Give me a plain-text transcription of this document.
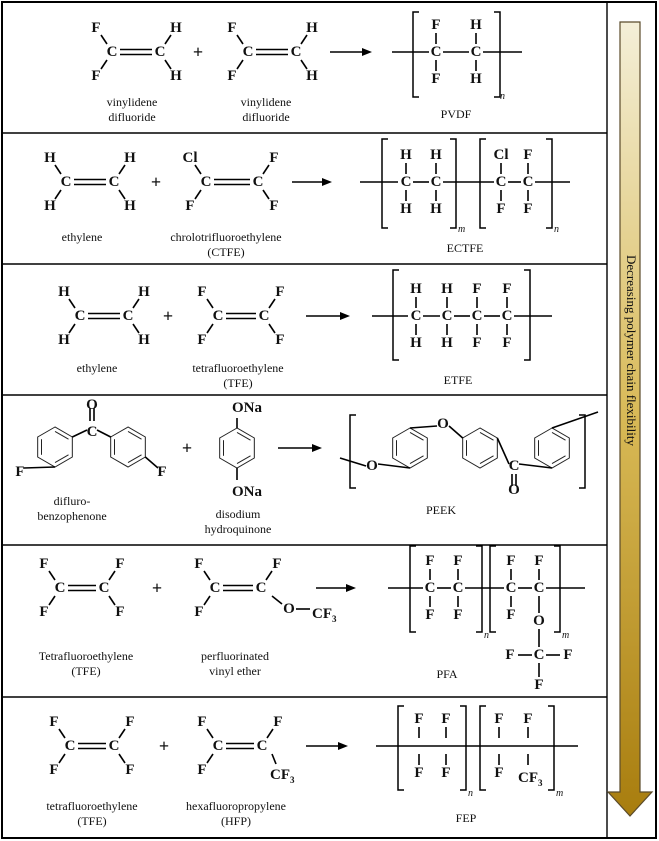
Decreasing polymer chain flexibility
C C
F
F
H
H
+	C C
F
F
H
H
C
F
F
C
H
H
n
vinylidene difluoride
vinylidene difluoride	PVDF
C C
H
H
H
H
+	C	C
Cl
F
F
F
C
H
H
C
H
H
C
Cl
F
C
F
F
m	n
ethylene	chrolotrifluoroethylene (CTFE)	ECTFE
C C
H
H
H
H
+	C C
F
F
F
F
C
H
H
C
H
H
C
F
F
C
F
F
ethylene	tetrafluoroethylene (TFE)	ETFE
C
O
F	F
+
ONa
ONa
O
O
C
O
difluro-benzophenone	disodium hydroquinone
PEEK
C C
F
F
F
F
+	C C
F
F
F
O $CF_3$
C
F
F
C
F
F
C
F
F
C
F
O
C
F	F
F
n	m
Tetrafluoroethylene (TFE)
perfluorinated vinyl ether	PFA
C C
F
F
F
F
+	C C
F
F
F
$CF_3$
F
F
F
F
F
F
F
$CF_3$
n	m
tetrafluoroethylene (TFE)
hexafluoropropylene (HFP)	FEP
